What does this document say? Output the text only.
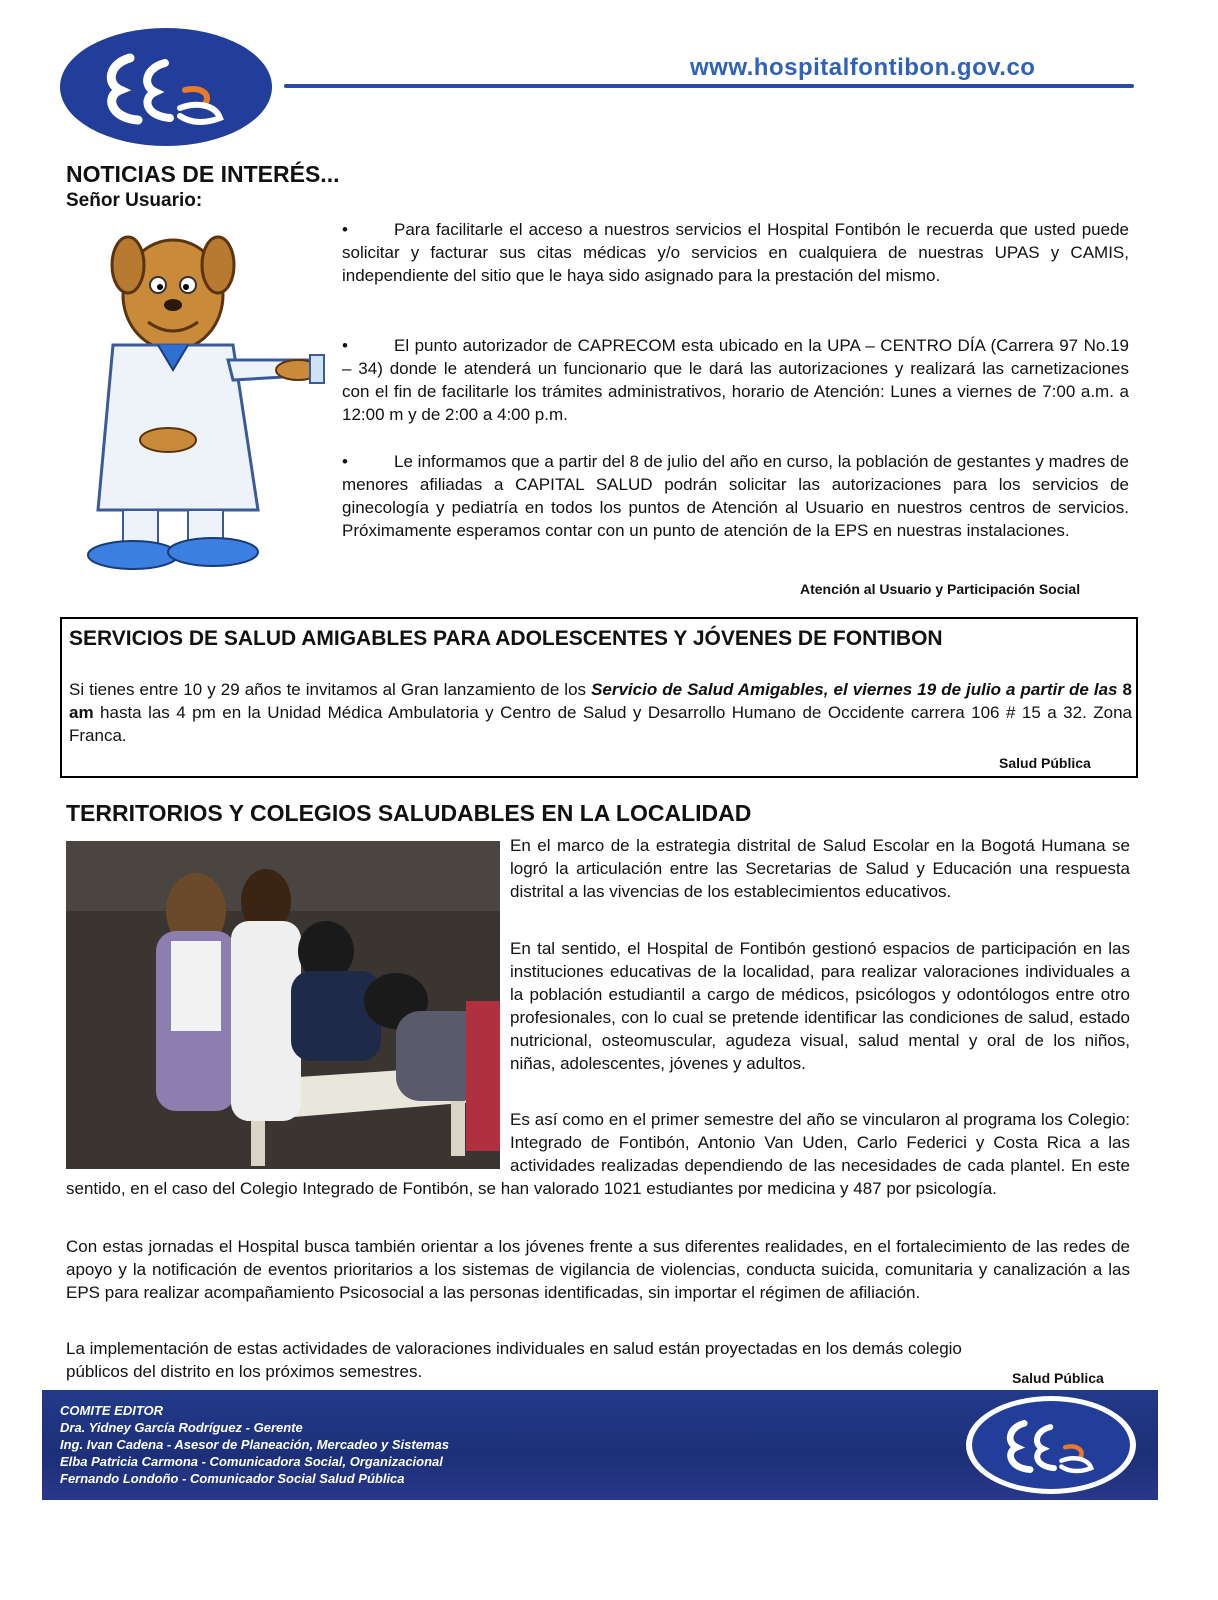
www.hospitalfontibon.gov.co
NOTICIAS DE INTERÉS...
Señor Usuario:

•	Para facilitarle el acceso a nuestros servicios el Hospital Fontibón le recuerda que usted puede solicitar y facturar sus citas médicas y/o servicios en cualquiera de nuestras UPAS y CAMIS, independiente del sitio que le haya sido asignado para la prestación del mismo.

•	El punto autorizador de CAPRECOM esta ubicado en la UPA – CENTRO DÍA (Carrera 97 No.19 – 34) donde le atenderá un funcionario que le dará las autorizaciones y realizará las carnetizaciones con el fin de facilitarle los trámites administrativos, horario de Atención: Lunes a viernes de 7:00 a.m. a 12:00 m y de 2:00 a 4:00 p.m.

•	Le informamos que a partir del 8 de julio del año en curso, la población de gestantes y madres de menores afiliadas a CAPITAL SALUD podrán solicitar las autorizaciones para los servicios de ginecología y pediatría en todos los puntos de Atención al Usuario en nuestros centros de servicios. Próximamente esperamos contar con un punto de atención de la EPS en nuestras instalaciones.

Atención al Usuario y Participación Social
SERVICIOS DE SALUD AMIGABLES PARA ADOLESCENTES Y JÓVENES DE FONTIBON

Si tienes entre 10 y 29 años te invitamos al Gran lanzamiento de los Servicio de Salud Amigables, el viernes 19 de julio a partir de las 8 am hasta las 4 pm en la Unidad Médica Ambulatoria y Centro de Salud y Desarrollo Humano de Occidente carrera 106 # 15 a 32. Zona Franca.

Salud Pública
TERRITORIOS Y COLEGIOS SALUDABLES EN LA LOCALIDAD

En el marco de la estrategia distrital de Salud Escolar en la Bogotá Humana se logró la articulación entre las Secretarias de Salud y Educación una respuesta distrital a las vivencias de los establecimientos educativos.

En tal sentido, el Hospital de Fontibón gestionó espacios de participación en las instituciones educativas de la localidad, para realizar valoraciones individuales a la población estudiantil a cargo de médicos, psicólogos y odontólogos entre otro profesionales, con lo cual se pretende identificar las condiciones de salud, estado nutricional, osteomuscular, agudeza visual, salud mental y oral de los niños, niñas, adolescentes, jóvenes y adultos.

Es así como en el primer semestre del año se vincularon al programa los Colegio: Integrado de Fontibón, Antonio Van Uden, Carlo Federici y Costa Rica a las actividades realizadas dependiendo de las necesidades de cada plantel. En este sentido, en el caso del Colegio Integrado de Fontibón, se han valorado 1021 estudiantes por medicina y 487 por psicología.

Con estas jornadas el Hospital busca también orientar a los jóvenes frente a sus diferentes realidades, en el fortalecimiento de las redes de apoyo y la notificación de eventos prioritarios a los sistemas de vigilancia de violencias, conducta suicida, comunitaria y canalización a las EPS para realizar acompañamiento Psicosocial a las personas identificadas, sin importar el régimen de afiliación.

La implementación de estas actividades de valoraciones individuales en salud están proyectadas en los demás colegio públicos del distrito en los próximos semestres.	Salud Pública
COMITE EDITOR
Dra. Yidney García Rodríguez - Gerente
Ing. Ivan Cadena - Asesor de Planeación, Mercadeo y Sistemas
Elba Patricia Carmona - Comunicadora Social, Organizacional
Fernando Londoño - Comunicador Social Salud Pública
